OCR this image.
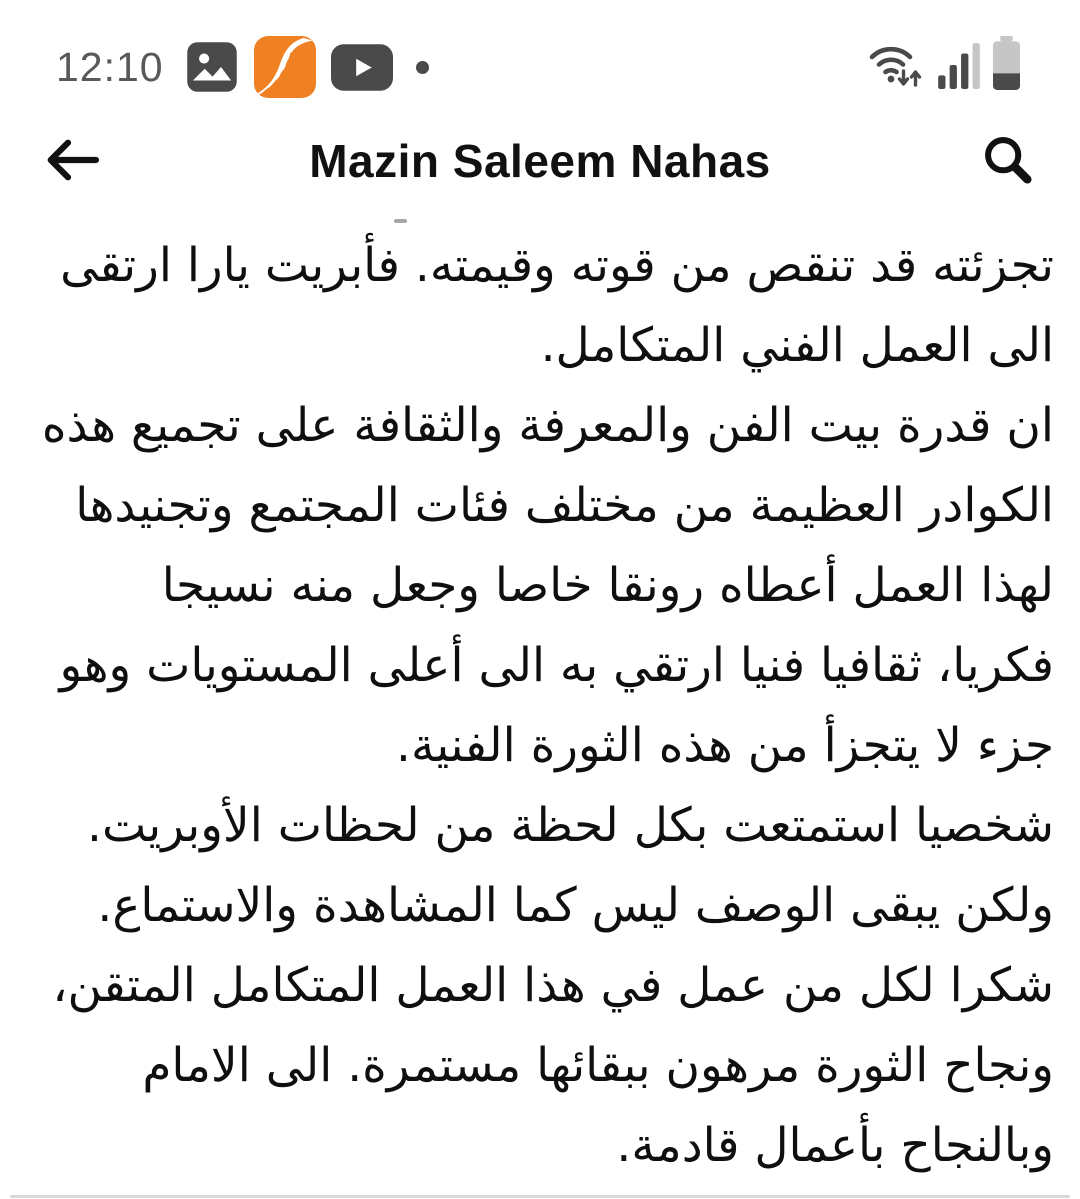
12:10
Mazin Saleem Nahas
تجزئته قد تنقص من قوته وقيمته. فأبريت يارا ارتقى
الى العمل الفني المتكامل.
ان قدرة بيت الفن والمعرفة والثقافة على تجميع هذه
الكوادر العظيمة من مختلف فئات المجتمع وتجنيدها
لهذا العمل أعطاه رونقا خاصا وجعل منه نسيجا
فكريا، ثقافيا فنيا ارتقي به الى أعلى المستويات وهو
جزء لا يتجزأ من هذه الثورة الفنية.
شخصيا استمتعت بكل لحظة من لحظات الأوبريت.
ولكن يبقى الوصف ليس كما المشاهدة والاستماع.
شكرا لكل من عمل في هذا العمل المتكامل المتقن،
ونجاح الثورة مرهون ببقائها مستمرة. الى الامام
وبالنجاح بأعمال قادمة.
